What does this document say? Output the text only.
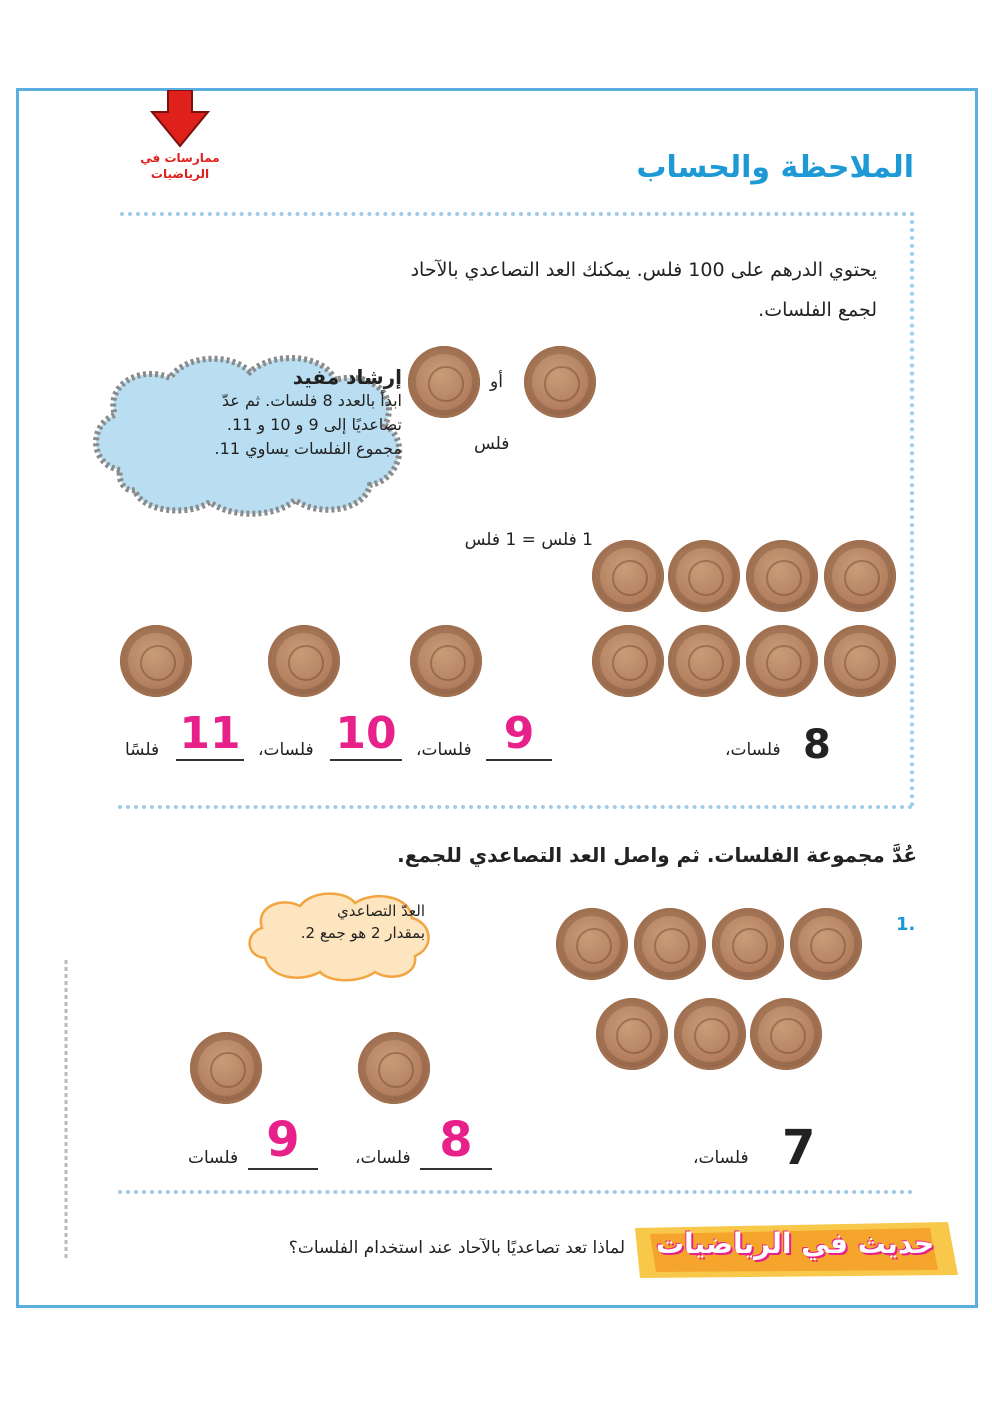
ممارسات في
الرياضيات	الملاحظة والحساب
يحتوي الدرهم على 100 فلس. يمكنك العد التصاعدي بالآحاد
لجمع الفلسات.
أو
فلس
إرشاد مفيد
ابدأ بالعدد 8 فلسات. ثم عدّ
تصاعديًا إلى 9 و 10 و 11.
مجموع الفلسات يساوي 11.
1 فلس = 1 فلس
8
فلسات،
9
فلسات،
10
فلسات،
11
فلسًا
عُدَّ مجموعة الفلسات. ثم واصل العد التصاعدي للجمع.
العدّ التصاعدي
بمقدار 2 هو جمع 2.	1.
7
فلسات،
8
فلسات،
9
فلسات
حديث في الرياضيات
لماذا تعد تصاعديًا بالآحاد عند استخدام الفلسات؟
